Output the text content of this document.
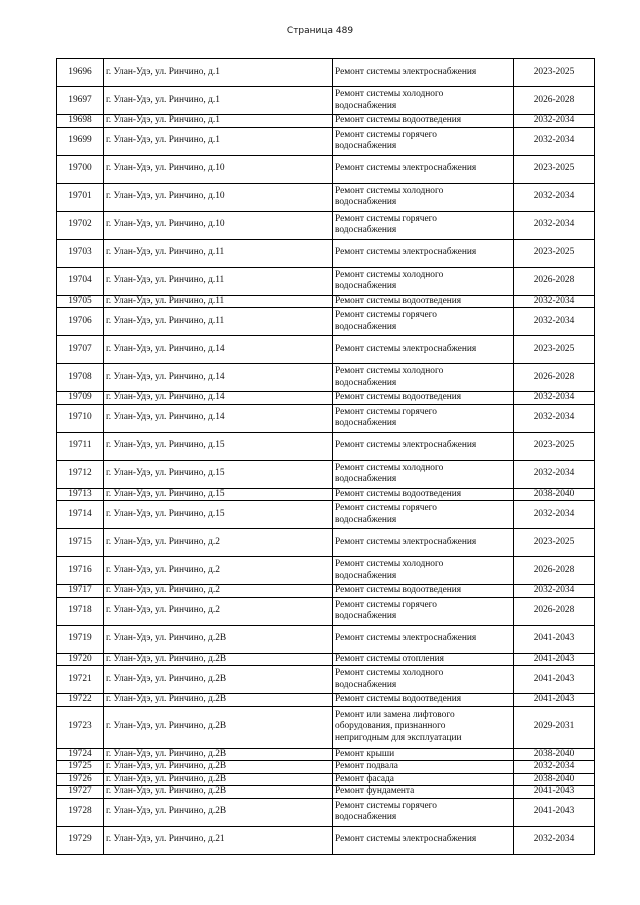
Страница 489
19696	г. Улан-Удэ, ул. Ринчино, д.1	Ремонт системы электроснабжения	2023-2025
19697	г. Улан-Удэ, ул. Ринчино, д.1	Ремонт системы холодного
водоснабжения	2026-2028
19698	г. Улан-Удэ, ул. Ринчино, д.1	Ремонт системы водоотведения	2032-2034
19699	г. Улан-Удэ, ул. Ринчино, д.1	Ремонт системы горячего
водоснабжения	2032-2034
19700	г. Улан-Удэ, ул. Ринчино, д.10	Ремонт системы электроснабжения	2023-2025
19701	г. Улан-Удэ, ул. Ринчино, д.10	Ремонт системы холодного
водоснабжения	2032-2034
19702	г. Улан-Удэ, ул. Ринчино, д.10	Ремонт системы горячего
водоснабжения	2032-2034
19703	г. Улан-Удэ, ул. Ринчино, д.11	Ремонт системы электроснабжения	2023-2025
19704	г. Улан-Удэ, ул. Ринчино, д.11	Ремонт системы холодного
водоснабжения	2026-2028
19705	г. Улан-Удэ, ул. Ринчино, д.11	Ремонт системы водоотведения	2032-2034
19706	г. Улан-Удэ, ул. Ринчино, д.11	Ремонт системы горячего
водоснабжения	2032-2034
19707	г. Улан-Удэ, ул. Ринчино, д.14	Ремонт системы электроснабжения	2023-2025
19708	г. Улан-Удэ, ул. Ринчино, д.14	Ремонт системы холодного
водоснабжения	2026-2028
19709	г. Улан-Удэ, ул. Ринчино, д.14	Ремонт системы водоотведения	2032-2034
19710	г. Улан-Удэ, ул. Ринчино, д.14	Ремонт системы горячего
водоснабжения	2032-2034
19711	г. Улан-Удэ, ул. Ринчино, д.15	Ремонт системы электроснабжения	2023-2025
19712	г. Улан-Удэ, ул. Ринчино, д.15	Ремонт системы холодного
водоснабжения	2032-2034
19713	г. Улан-Удэ, ул. Ринчино, д.15	Ремонт системы водоотведения	2038-2040
19714	г. Улан-Удэ, ул. Ринчино, д.15	Ремонт системы горячего
водоснабжения	2032-2034
19715	г. Улан-Удэ, ул. Ринчино, д.2	Ремонт системы электроснабжения	2023-2025
19716	г. Улан-Удэ, ул. Ринчино, д.2	Ремонт системы холодного
водоснабжения	2026-2028
19717	г. Улан-Удэ, ул. Ринчино, д.2	Ремонт системы водоотведения	2032-2034
19718	г. Улан-Удэ, ул. Ринчино, д.2	Ремонт системы горячего
водоснабжения	2026-2028
19719	г. Улан-Удэ, ул. Ринчино, д.2В	Ремонт системы электроснабжения	2041-2043
19720	г. Улан-Удэ, ул. Ринчино, д.2В	Ремонт системы отопления	2041-2043
19721	г. Улан-Удэ, ул. Ринчино, д.2В	Ремонт системы холодного
водоснабжения	2041-2043
19722	г. Улан-Удэ, ул. Ринчино, д.2В	Ремонт системы водоотведения	2041-2043
19723	г. Улан-Удэ, ул. Ринчино, д.2В	Ремонт или замена лифтового
оборудования, признанного
непригодным для эксплуатации	2029-2031
19724	г. Улан-Удэ, ул. Ринчино, д.2В	Ремонт крыши	2038-2040
19725	г. Улан-Удэ, ул. Ринчино, д.2В	Ремонт подвала	2032-2034
19726	г. Улан-Удэ, ул. Ринчино, д.2В	Ремонт фасада	2038-2040
19727	г. Улан-Удэ, ул. Ринчино, д.2В	Ремонт фундамента	2041-2043
19728	г. Улан-Удэ, ул. Ринчино, д.2В	Ремонт системы горячего
водоснабжения	2041-2043
19729	г. Улан-Удэ, ул. Ринчино, д.21	Ремонт системы электроснабжения	2032-2034
